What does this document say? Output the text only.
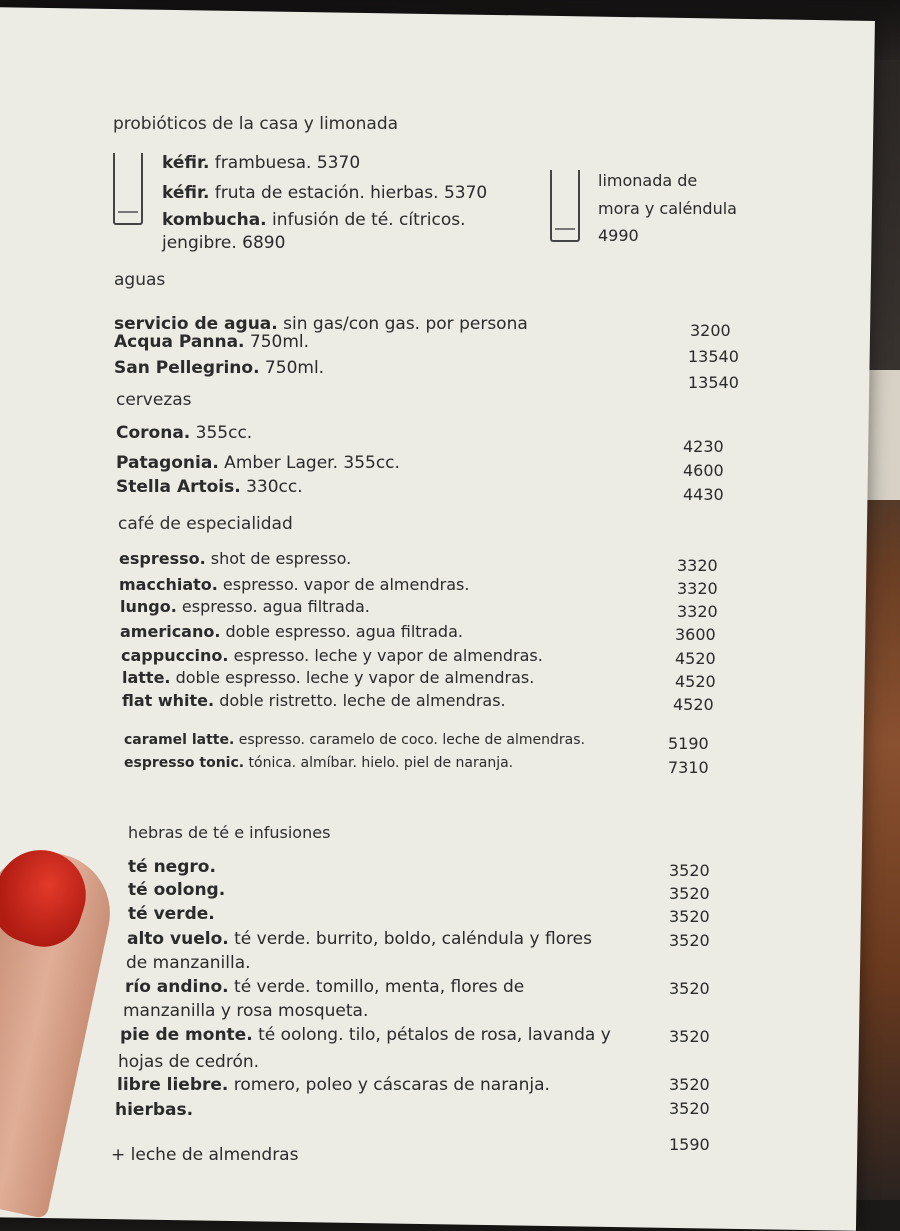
probióticos de la casa y limonada
kéfir. frambuesa. 5370
kéfir. fruta de estación. hierbas. 5370
kombucha. infusión de té. cítricos.
jengibre. 6890
limonada de
mora y caléndula
4990
aguas
servicio de agua. sin gas/con gas. por persona
Acqua Panna. 750ml.
San Pellegrino. 750ml.
3200
13540
13540
cervezas
Corona. 355cc.
Patagonia. Amber Lager. 355cc.
Stella Artois. 330cc.
4230
4600
4430
café de especialidad
espresso. shot de espresso.
macchiato. espresso. vapor de almendras.
lungo. espresso. agua filtrada.
americano. doble espresso. agua filtrada.
cappuccino. espresso. leche y vapor de almendras.
latte. doble espresso. leche y vapor de almendras.
flat white. doble ristretto. leche de almendras.
caramel latte. espresso. caramelo de coco. leche de almendras.
espresso tonic. tónica. almíbar. hielo. piel de naranja.
3320
3320
3320
3600
4520
4520
4520
5190
7310
hebras de té e infusiones
té negro.
té oolong.
té verde.
alto vuelo. té verde. burrito, boldo, caléndula y flores
de manzanilla.
río andino. té verde. tomillo, menta, flores de
manzanilla y rosa mosqueta.
pie de monte. té oolong. tilo, pétalos de rosa, lavanda y
hojas de cedrón.
libre liebre. romero, poleo y cáscaras de naranja.
hierbas.
3520
3520
3520
3520
3520
3520
3520
3520
+ leche de almendras
1590
